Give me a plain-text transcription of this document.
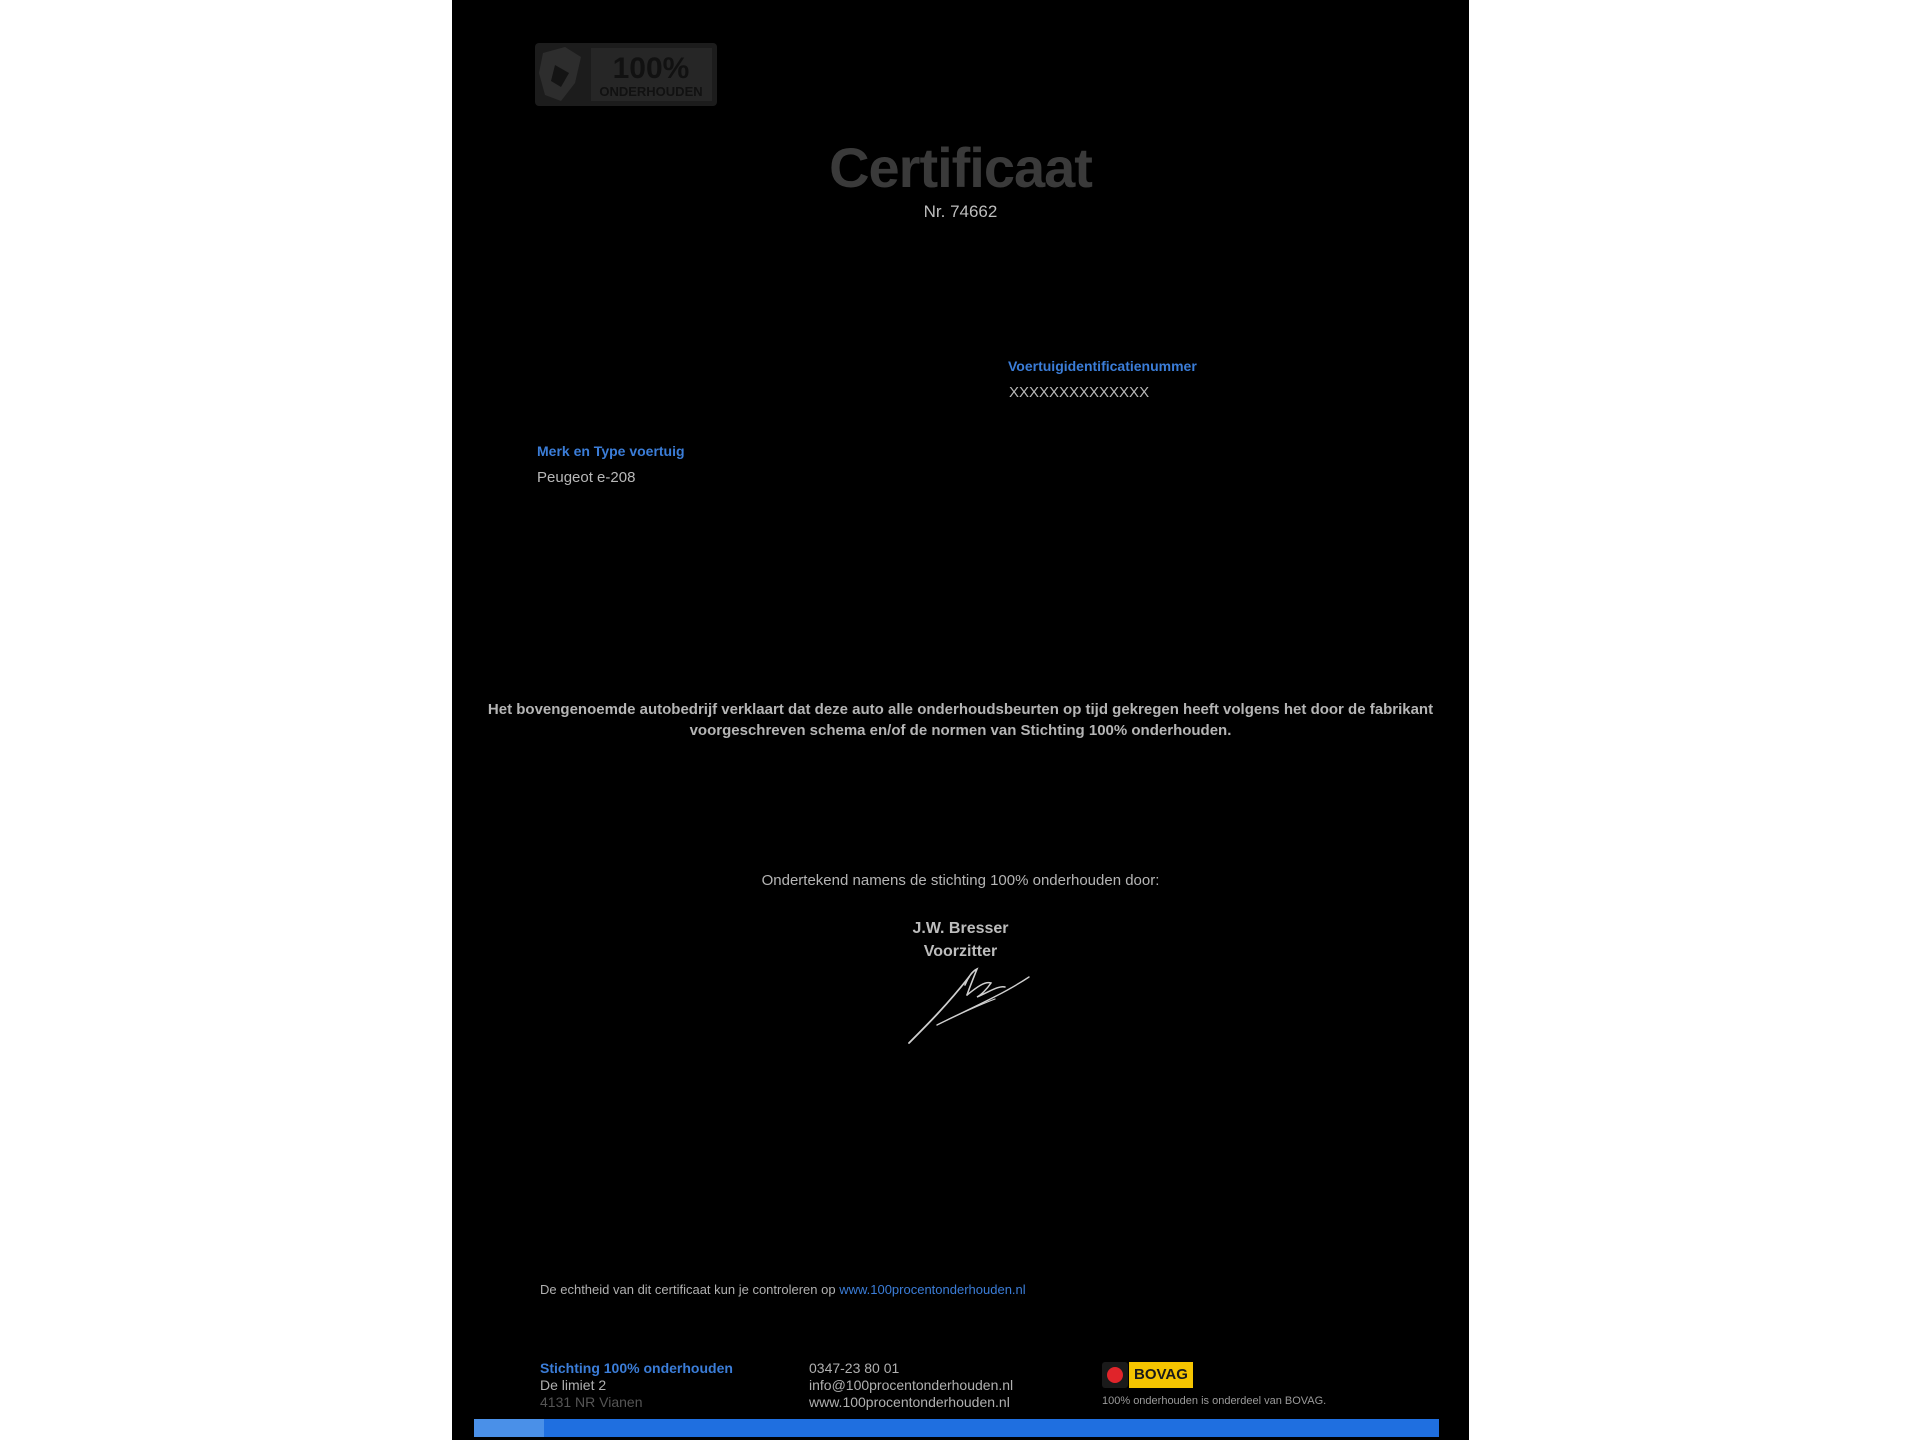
100%
ONDERHOUDEN
Certificaat
Nr. 74662
Voertuigidentificatienummer
XXXXXXXXXXXXXX
Merk en Type voertuig
Peugeot e-208
Het bovengenoemde autobedrijf verklaart dat deze auto alle onderhoudsbeurten op tijd gekregen heeft volgens het door de fabrikant voorgeschreven schema en/of de normen van Stichting 100% onderhouden.
Ondertekend namens de stichting 100% onderhouden door:
J.W. Bresser
Voorzitter
De echtheid van dit certificaat kun je controleren op www.100procentonderhouden.nl
Stichting 100% onderhouden
De limiet 2
4131 NR Vianen
0347-23 80 01
info@100procentonderhouden.nl
www.100procentonderhouden.nl
BOVAG
100% onderhouden is onderdeel van BOVAG.
